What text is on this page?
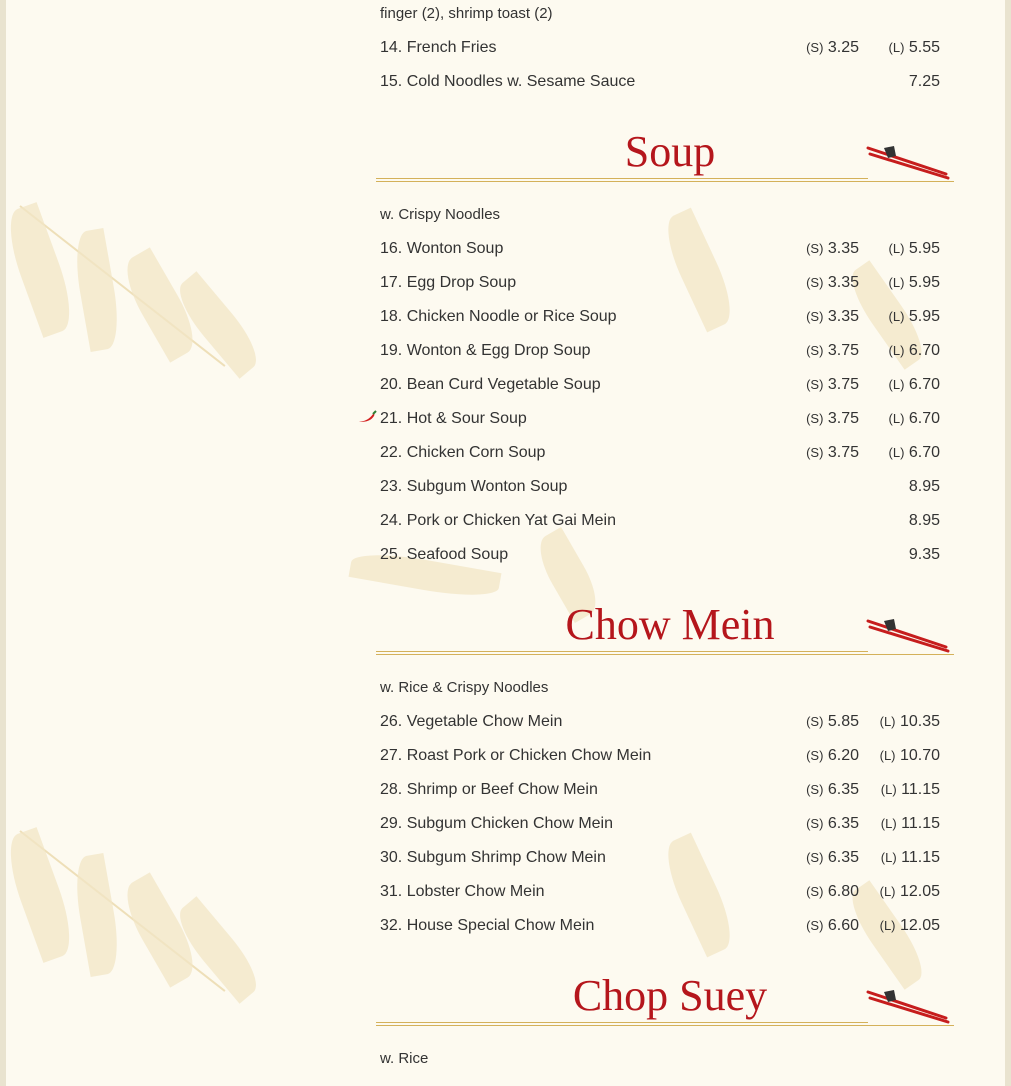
finger (2), shrimp toast (2)
14. French Fries	(S) 3.25 (L) 5.55
15. Cold Noodles w. Sesame Sauce	7.25
Soup
w. Crispy Noodles
16. Wonton Soup	(S) 3.35 (L) 5.95
17. Egg Drop Soup	(S) 3.35 (L) 5.95
18. Chicken Noodle or Rice Soup	(S) 3.35 (L) 5.95
19. Wonton & Egg Drop Soup	(S) 3.75 (L) 6.70
20. Bean Curd Vegetable Soup	(S) 3.75 (L) 6.70
21. Hot & Sour Soup	(S) 3.75 (L) 6.70
22. Chicken Corn Soup	(S) 3.75 (L) 6.70
23. Subgum Wonton Soup	8.95
24. Pork or Chicken Yat Gai Mein	8.95
25. Seafood Soup	9.35
Chow Mein
w. Rice & Crispy Noodles
26. Vegetable Chow Mein	(S) 5.85 (L) 10.35
27. Roast Pork or Chicken Chow Mein	(S) 6.20 (L) 10.70
28. Shrimp or Beef Chow Mein	(S) 6.35 (L) 11.15
29. Subgum Chicken Chow Mein	(S) 6.35 (L) 11.15
30. Subgum Shrimp Chow Mein	(S) 6.35 (L) 11.15
31. Lobster Chow Mein	(S) 6.80 (L) 12.05
32. House Special Chow Mein	(S) 6.60 (L) 12.05
Chop Suey
w. Rice
